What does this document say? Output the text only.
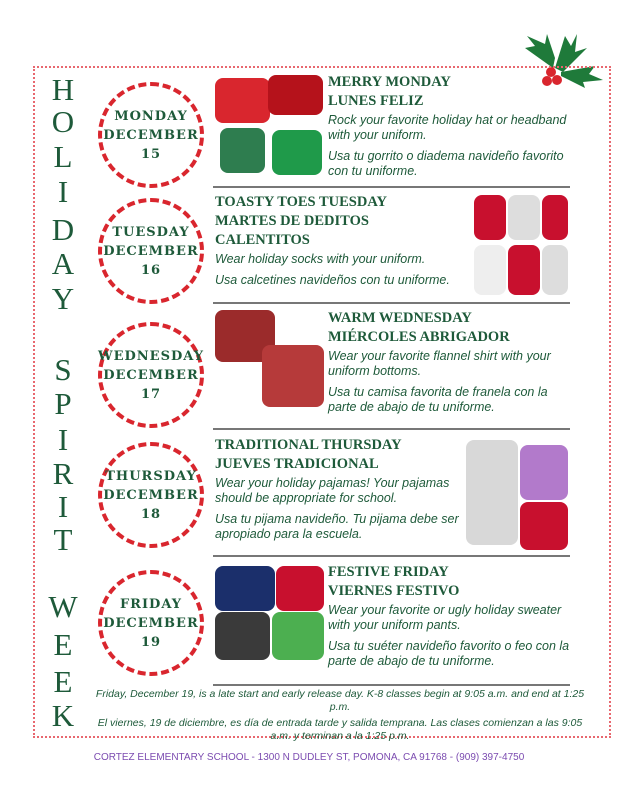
H
O
L
I
D
A
Y
S
P
I
R
I
T
W
E
E
K
MONDAY
DECEMBER
15
MERRY MONDAY
LUNES FELIZ

Rock your favorite holiday hat or headband with your uniform.

Usa tu gorrito o diadema navideño favorito con tu uniforme.

TUESDAY
DECEMBER
16
TOASTY TOES TUESDAY
MARTES DE DEDITOS CALENTITOS

Wear holiday socks with your uniform.

Usa calcetines navideños con tu uniforme.

WEDNESDAY
DECEMBER
17
WARM WEDNESDAY
MIÉRCOLES ABRIGADOR

Wear your favorite flannel shirt with your uniform bottoms.

Usa tu camisa favorita de franela con la parte de abajo de tu uniforme.

THURSDAY
DECEMBER
18
TRADITIONAL THURSDAY
JUEVES TRADICIONAL

Wear your holiday pajamas! Your pajamas should be appropriate for school.

Usa tu pijama navideño. Tu pijama debe ser apropiado para la escuela.

FRIDAY
DECEMBER
19
FESTIVE FRIDAY
VIERNES FESTIVO

Wear your favorite or ugly holiday sweater with your uniform pants.

Usa tu suéter navideño favorito o feo con la parte de abajo de tu uniforme.

Friday, December 19, is a late start and early release day. K-8 classes begin at 9:05 a.m. and end at 1:25 p.m.
El viernes, 19 de diciembre, es día de entrada tarde y salida temprana. Las clases comienzan a las 9:05 a.m. y terminan a la 1:25 p.m.
CORTEZ ELEMENTARY SCHOOL - 1300 N DUDLEY ST, POMONA, CA 91768 - (909) 397-4750
